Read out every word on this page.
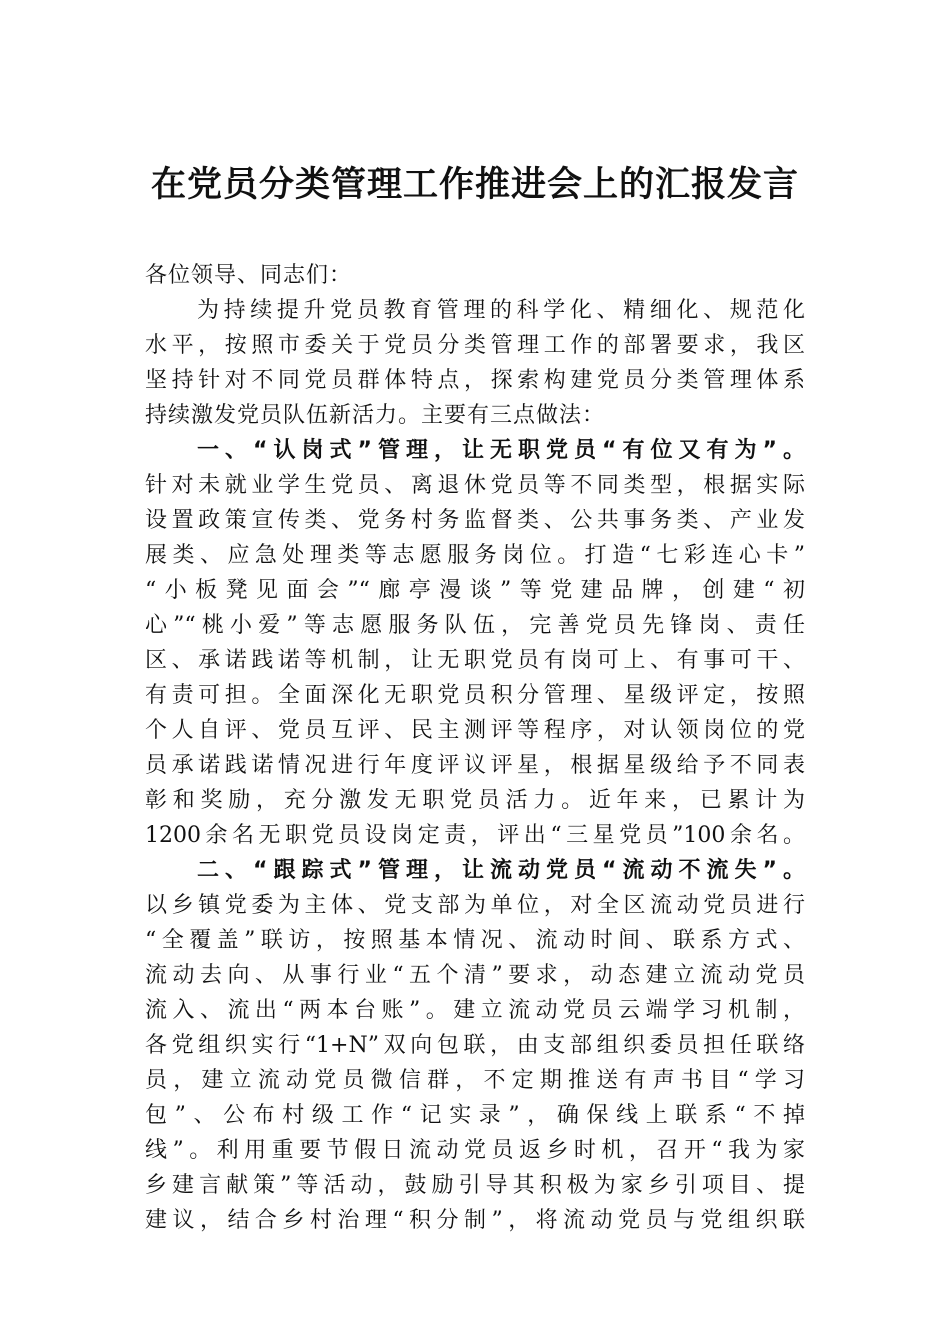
在党员分类管理工作推进会上的汇报发言
各位领导、同志们：
为持续提升党员教育管理的科学化、精细化、规范化
水平，按照市委关于党员分类管理工作的部署要求，我区
坚持针对不同党员群体特点，探索构建党员分类管理体系
持续激发党员队伍新活力。主要有三点做法：
一、“认岗式”管理，让无职党员“有位又有为”。
针对未就业学生党员、离退休党员等不同类型，根据实际
设置政策宣传类、党务村务监督类、公共事务类、产业发
展类、应急处理类等志愿服务岗位。打造“七彩连心卡”
“小板凳见面会”“廊亭漫谈”等党建品牌，创建“初
心”“桃小爱”等志愿服务队伍，完善党员先锋岗、责任
区、承诺践诺等机制，让无职党员有岗可上、有事可干、
有责可担。全面深化无职党员积分管理、星级评定，按照
个人自评、党员互评、民主测评等程序，对认领岗位的党
员承诺践诺情况进行年度评议评星，根据星级给予不同表
彰和奖励，充分激发无职党员活力。近年来，已累计为
1200余名无职党员设岗定责，评出“三星党员”100余名。
二、“跟踪式”管理，让流动党员“流动不流失”。
以乡镇党委为主体、党支部为单位，对全区流动党员进行
“全覆盖”联访，按照基本情况、流动时间、联系方式、
流动去向、从事行业“五个清”要求，动态建立流动党员
流入、流出“两本台账”。建立流动党员云端学习机制，
各党组织实行“1+N”双向包联，由支部组织委员担任联络
员，建立流动党员微信群，不定期推送有声书目“学习
包”、公布村级工作“记实录”，确保线上联系“不掉
线”。利用重要节假日流动党员返乡时机，召开“我为家
乡建言献策”等活动，鼓励引导其积极为家乡引项目、提
建议，结合乡村治理“积分制”，将流动党员与党组织联
